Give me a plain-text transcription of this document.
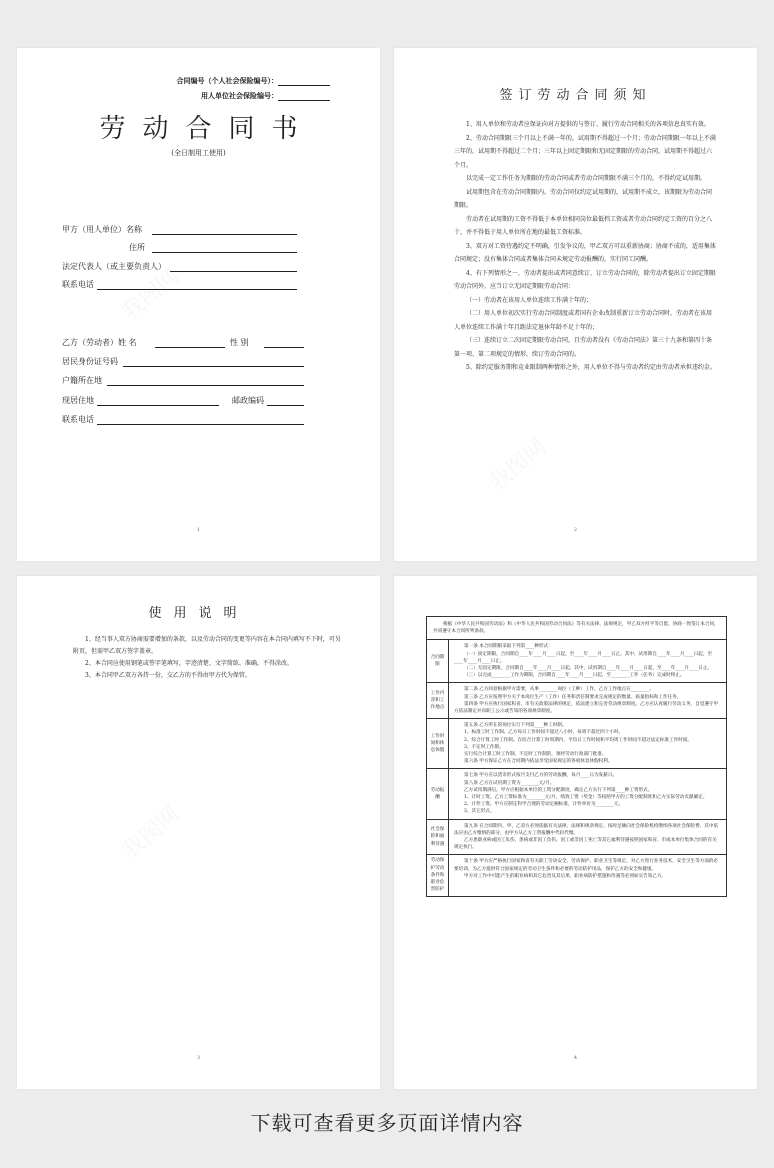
合同编号（个人社会保险编号）：
用人单位社会保险编号：
劳动合同书
(全日制用工使用)
甲方（用人单位）名称
住所
法定代表人（或主要负责人）
联系电话
乙方（劳动者）姓 名	性 别
居民身份证号码
户籍所在地
现居住地	邮政编码
联系电话
1
签订劳动合同须知

1、用人单位和劳动者应保证向对方提供的与签订、履行劳动合同相关的各项信息真实有效。

2、劳动合同期限三个月以上不满一年的，试用期不得超过一个月；劳动合同期限一年以上不满三年的，试用期不得超过二个月；三年以上固定期限和无固定期限的劳动合同，试用期不得超过六个月。

以完成一定工作任务为期限的劳动合同或者劳动合同期限不满三个月的，不得约定试用期。

试用期包含在劳动合同期限内。劳动合同仅约定试用期的，试用期不成立，该期限为劳动合同期限。

劳动者在试用期的工资不得低于本单位相同岗位最低档工资或者劳动合同约定工资的百分之八十，并不得低于用人单位所在地的最低工资标准。

3、双方对工资待遇约定不明确，引发争议的，甲乙双方可以重新协商；协商不成的，适用集体合同规定；没有集体合同或者集体合同未规定劳动报酬的，实行同工同酬。

4、有下列情形之一，劳动者提出或者同意续订、订立劳动合同的，除劳动者提出订立固定期限劳动合同外，应当订立无固定期限劳动合同：

（一）劳动者在该用人单位连续工作满十年的；

（二）用人单位初次实行劳动合同制度或者国有企业改制重新订立劳动合同时，劳动者在该用人单位连续工作满十年且距法定退休年龄不足十年的；

（三）连续订立二次固定期限劳动合同，且劳动者没有《劳动合同法》第三十九条和第四十条第一项、第二项规定的情形，续订劳动合同的。

5、除约定服务期和竞业限制两种情形之外，用人单位不得与劳动者约定由劳动者承担违约金。

2
使用说明

1、经当事人双方协商需要增加的条款，以及劳动合同的变更等内容在本合同内填写不下时，可另附页，但需甲乙双方签字盖章。

2、本合同应使用钢笔或签字笔填写，字迹清楚、文字简练、准确，不得涂改。

3、本合同甲乙双方各持一份，交乙方的不得由甲方代为保管。

3
根据《中华人民共和国劳动法》和《中华人民共和国劳动合同法》等有关法律、法规规定，甲乙双方经平等自愿、协商一致签订本合同，共同遵守本合同所列条款。
合同期限

第一条 本合同期限采取下列第____种形式：

（一）固定期限，合同期自____年____月____日起，至____年____月____日止。其中，试用期自____年____月____日起，至____年____月____日止。

（二）无固定期限，合同期自____年____月____日起。其中，试用期自____年____月____日起，至____年____月____日止。

（三）以完成________工作为期限，合同期自____年____月____日起，至________工作（任务）完成时终止。

工作内容和工作地点

第二条 乙方同意根据甲方需要，从事________岗位（工种）工作，乙方工作地点在________。

第三条 乙方应按照甲方关于本岗位生产（工作）任务和责任制要求完成规定的数量、质量指标和工作任务。

第四条 甲方应执行国家和省、市有关政策法律的规定，依法建立和完善劳动规章制度。乙方应认真履行劳动义务，自觉遵守甲方依法制定并向职工公示或告知的各项规章制度。

工作时间和休息休假

第五条 乙方所在的岗位实行下列第____种工时制。

1、标准工时工作制。乙方每日工作时间不超过八小时，每周不超过四十小时。

2、综合计算工时工作制。在综合计算工时周期内，平均日工作时间和平均周工作时间不超过法定标准工作时间。

3、不定时工作制。

实行综合计算工时工作制、不定时工作制的，须经劳动行政部门批准。

第六条 甲方保证乙方在合同期内依法享受国家规定的各项休息休假权利。

劳动报酬

第七条 甲方应以货币形式按月支付乙方的劳动报酬，每月____日为发薪日。

第八条 乙方在试用期工资为________元/月。

乙方试用期满后，甲方应根据本单位的工资分配制度，确定乙方实行下列第____种工资形式。

1、计时工资。乙方工资标准为________元/月，绩效工资（奖金）等按照甲方的工资分配制度和乙方实际劳动贡献确定。

2、计件工资。甲方应制定科学合理的劳动定额标准，计件单价为________元。

3、其它形式。

社会保险和福利待遇

第九条 在合同期内，甲、乙双方必须依据有关法律、法规和规章规定，按时足额向社会保险机构缴纳各项社会保险费，其中依法应由乙方缴纳的部分，由甲方从乙方工资报酬中代扣代缴。

乙方患职业病或因工负伤、患病或非因工负伤、因工或非因工死亡等其它福利待遇按照国家和省、市或本单位集体合同的有关规定执行。

劳动保护劳动条件和职业危害防护

第十条 甲方应严格执行国家和省有关职工劳动安全、劳动保护、职业卫生等规定，对乙方进行业务技术、安全卫生等方面的必要培训，为乙方提供符合国家规定的劳动卫生条件和必要的劳动防护用品，保护乙方的安全和健康。

甲方对工作中可能产生的职业病和其它危害及其后果、职业病防护措施和待遇等必须如实告知乙方。

4
下载可查看更多页面详情内容
